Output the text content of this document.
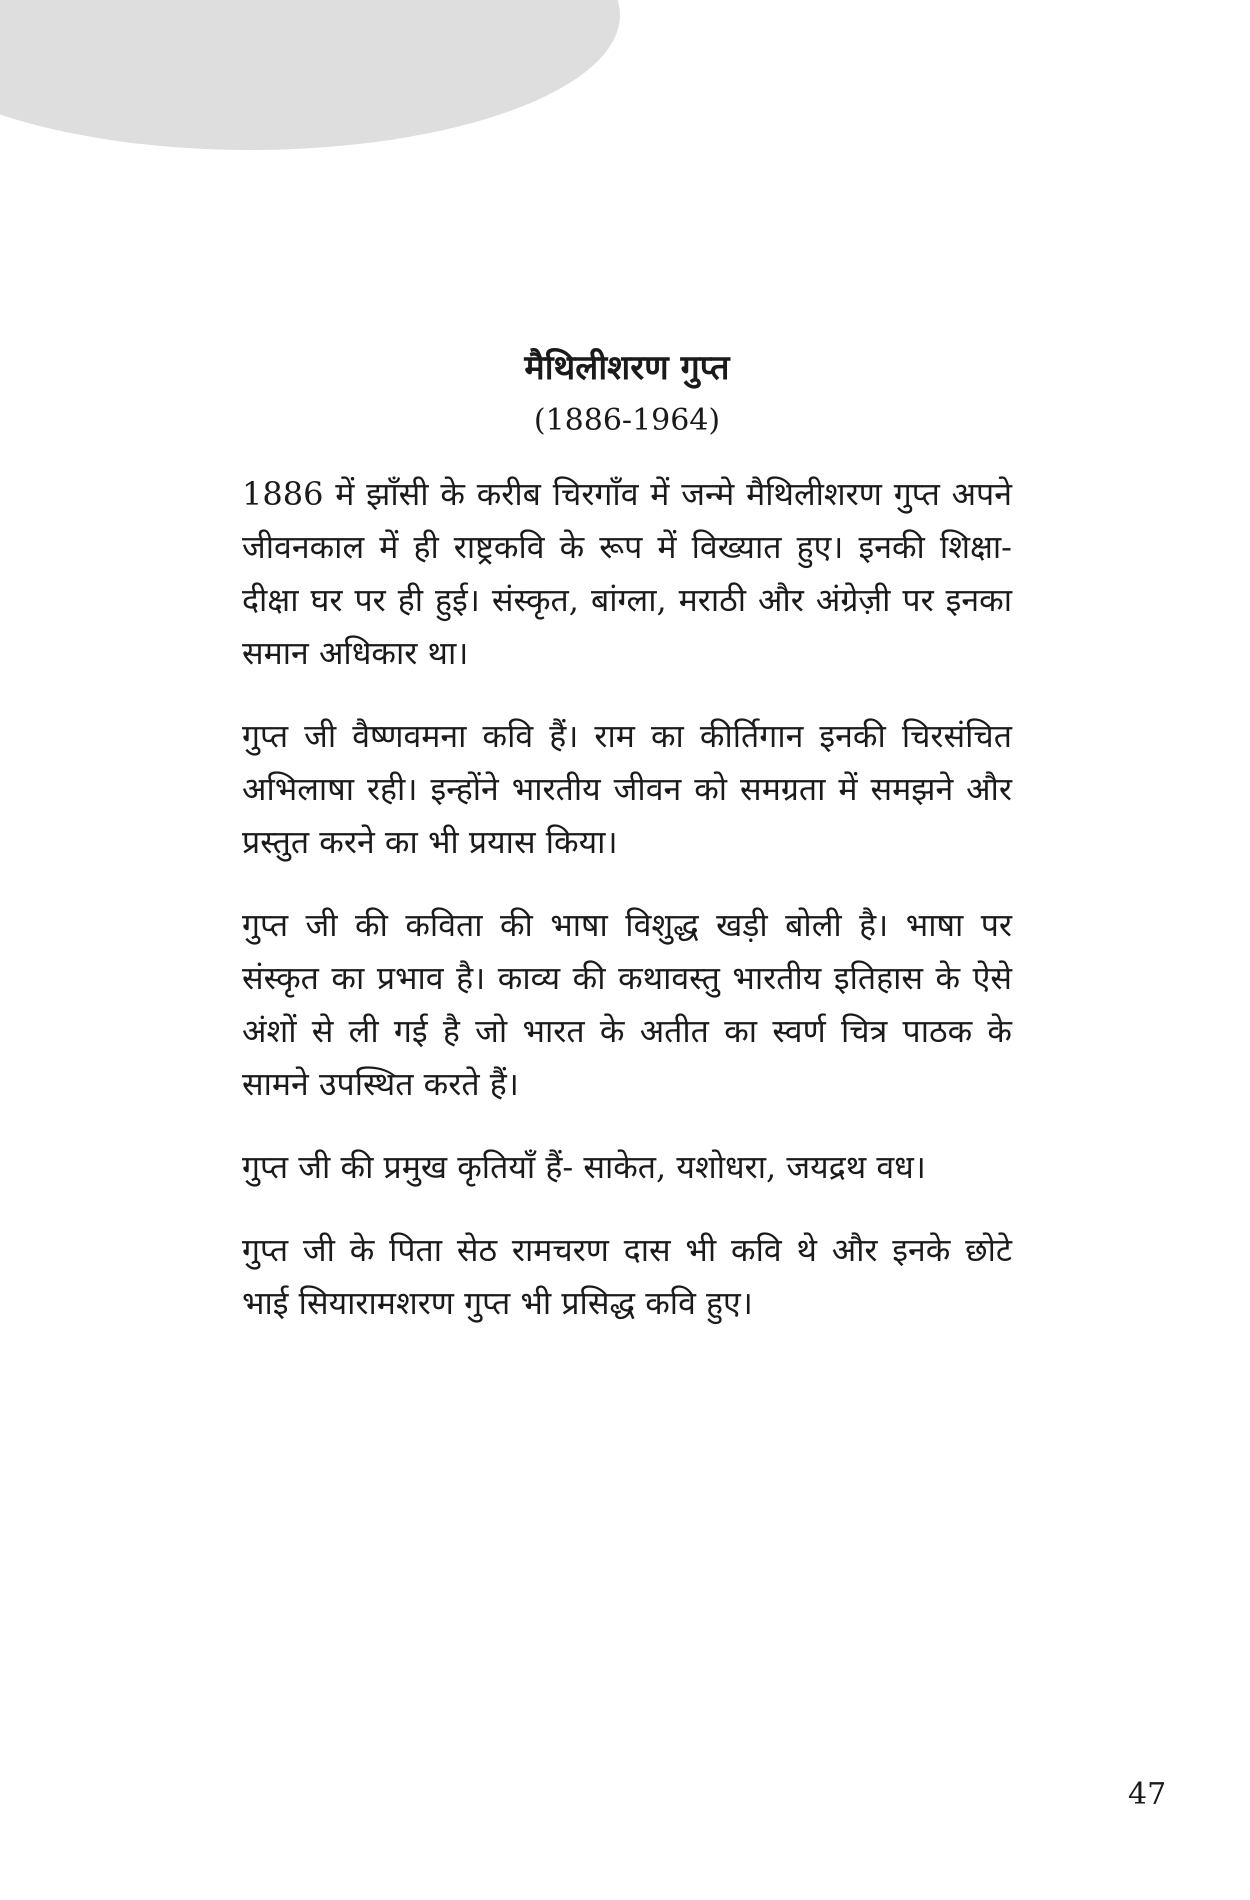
मैथिलीशरण गुप्त
(1886-1964)

1886 में झाँसी के करीब चिरगाँव में जन्मे मैथिलीशरण गुप्त अपने जीवनकाल में ही राष्ट्रकवि के रूप में विख्यात हुए। इनकी शिक्षा-दीक्षा घर पर ही हुई। संस्कृत, बांग्ला, मराठी और अंग्रेज़ी पर इनका समान अधिकार था।

गुप्त जी वैष्णवमना कवि हैं। राम का कीर्तिगान इनकी चिरसंचित अभिलाषा रही। इन्होंने भारतीय जीवन को समग्रता में समझने और प्रस्तुत करने का भी प्रयास किया।

गुप्त जी की कविता की भाषा विशुद्ध खड़ी बोली है। भाषा पर संस्कृत का प्रभाव है। काव्य की कथावस्तु भारतीय इतिहास के ऐसे अंशों से ली गई है जो भारत के अतीत का स्वर्ण चित्र पाठक के सामने उपस्थित करते हैं।

गुप्त जी की प्रमुख कृतियाँ हैं- साकेत, यशोधरा, जयद्रथ वध।

गुप्त जी के पिता सेठ रामचरण दास भी कवि थे और इनके छोटे भाई सियारामशरण गुप्त भी प्रसिद्ध कवि हुए।

47
